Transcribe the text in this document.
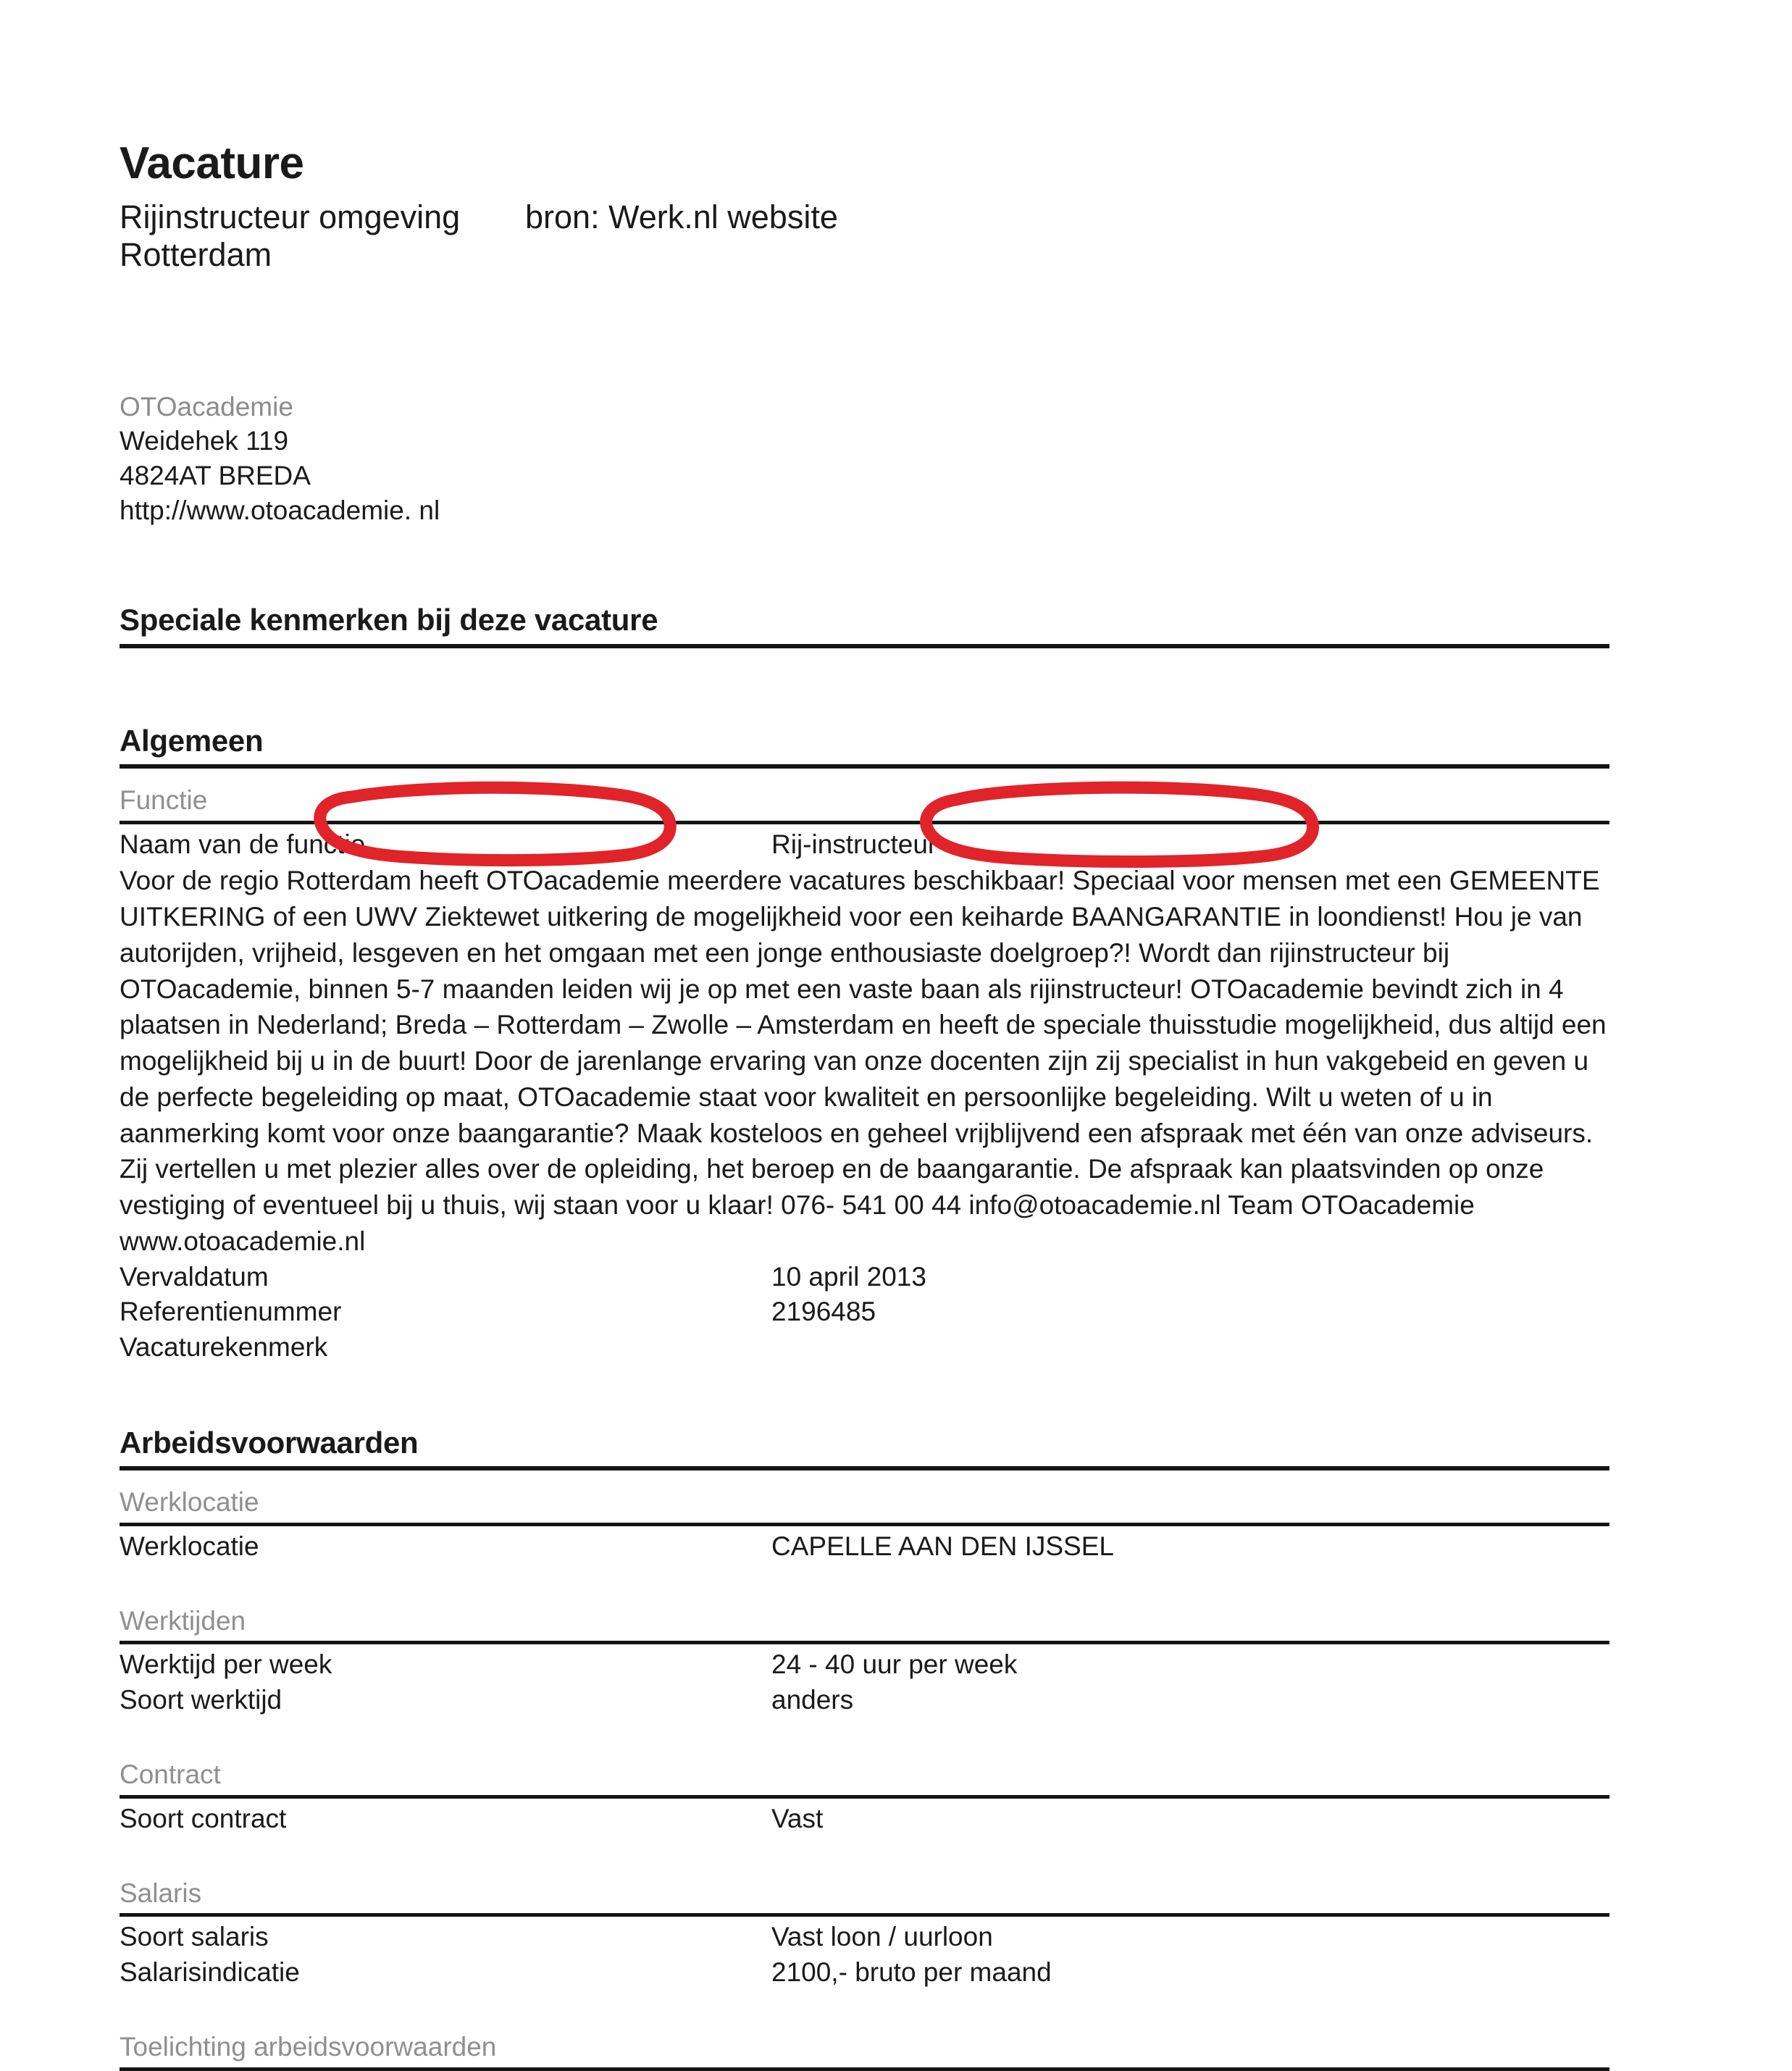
Vacature
Rijinstructeur omgeving Rotterdam
bron: Werk.nl website
OTOacademie
Weidehek 119
4824AT BREDA
http://www.otoacademie. nl
Speciale kenmerken bij deze vacature
Algemeen
Functie
Naam van de functie	Rij-instructeur

Voor de regio Rotterdam heeft OTOacademie meerdere vacatures beschikbaar! Speciaal voor mensen met een GEMEENTE UITKERING of een UWV Ziektewet uitkering de mogelijkheid voor een keiharde BAANGARANTIE in loondienst! Hou je van autorijden, vrijheid, lesgeven en het omgaan met een jonge enthousiaste doelgroep?! Wordt dan rijinstructeur bij OTOacademie, binnen 5-7 maanden leiden wij je op met een vaste baan als rijinstructeur! OTOacademie bevindt zich in 4 plaatsen in Nederland; Breda – Rotterdam – Zwolle – Amsterdam en heeft de speciale thuisstudie mogelijkheid, dus altijd een mogelijkheid bij u in de buurt! Door de jarenlange ervaring van onze docenten zijn zij specialist in hun vakgebeid en geven u de perfecte begeleiding op maat, OTOacademie staat voor kwaliteit en persoonlijke begeleiding. Wilt u weten of u in aanmerking komt voor onze baangarantie? Maak kosteloos en geheel vrijblijvend een afspraak met één van onze adviseurs. Zij vertellen u met plezier alles over de opleiding, het beroep en de baangarantie. De afspraak kan plaatsvinden op onze vestiging of eventueel bij u thuis, wij staan voor u klaar! 076- 541 00 44 info@otoacademie.nl Team OTOacademie www.otoacademie.nl

Vervaldatum	10 april 2013
Referentienummer	2196485
Vacaturekenmerk
Arbeidsvoorwaarden
Werklocatie
Werklocatie	CAPELLE AAN DEN IJSSEL
Werktijden
Werktijd per week	24 - 40 uur per week
Soort werktijd	anders
Contract
Soort contract	Vast
Salaris
Soort salaris	Vast loon / uurloon
Salarisindicatie	2100,- bruto per maand
Toelichting arbeidsvoorwaarden
